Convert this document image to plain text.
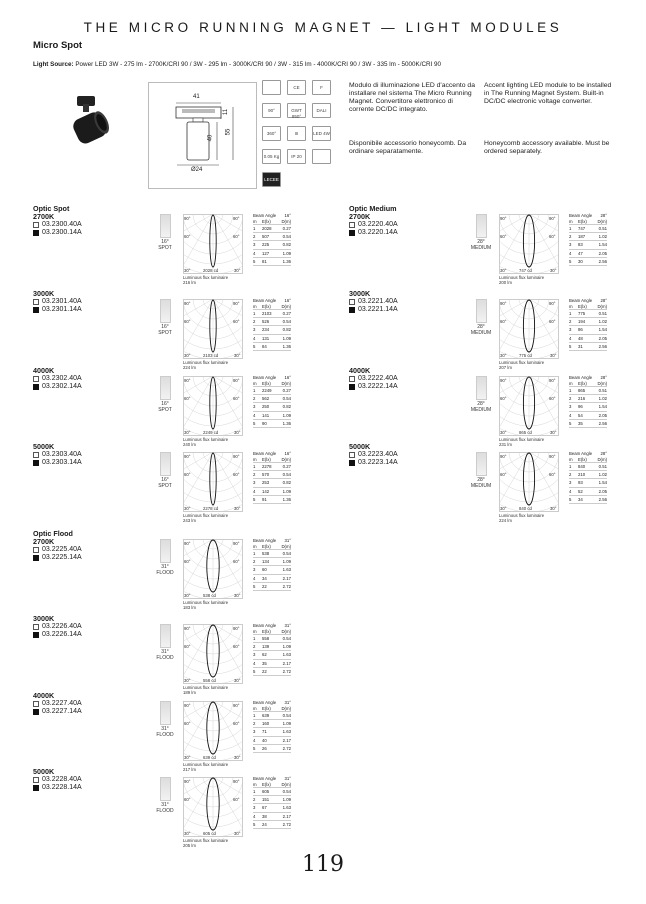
THE MICRO RUNNING MAGNET — LIGHT MODULES
Micro Spot
Light Source: Power LED 3W - 275 lm - 2700K/CRI 90 / 3W - 295 lm - 3000K/CRI 90 / 3W - 315 lm - 4000K/CRI 90 / 3W - 335 lm - 5000K/CRI 90
41
11
40
55
Ø24
CE	F
90°	GWT 850°
DALI
360°	III	LED 4W
0.05 Kg	IP 20
LECEE
Modulo di illuminazione LED d'accento da installare nel sistema The Micro Running Magnet. Convertitore elettronico di corrente DC/DC integrato.
Accent lighting LED module to be installed in The Running Magnet System. Built-in DC/DC electronic voltage converter.
Disponibile accessorio honeycomb. Da ordinare separatamente.
Honeycomb accessory available. Must be ordered separately.
Optic Spot
2700K
03.2300.40A
03.2300.14A
16°
SPOT
90°	90°
60°	60°
30°	30°
2028 cd
Luminous flux luminaire
216 lm
Beam Angle 16°
m	E(lx)	D(m)
1	2028	0.27
2	507	0.54
3	225	0.82
4	127	1.09
5	81	1.36
3000K
03.2301.40A
03.2301.14A
16°
SPOT
90°	90°
60°	60°
30°	30°
2103 cd
Luminous flux luminaire
224 lm
Beam Angle 16°
m	E(lx)	D(m)
1	2103	0.27
2	526	0.54
3	234	0.82
4	131	1.09
5	84	1.36
4000K
03.2302.40A
03.2302.14A
16°
SPOT
90°	90°
60°	60°
30°	30°
2249 cd
Luminous flux luminaire
240 lm
Beam Angle 16°
m	E(lx)	D(m)
1	2249	0.27
2	562	0.54
3	250	0.82
4	141	1.09
5	90	1.36
5000K
03.2303.40A
03.2303.14A
16°
SPOT
90°	90°
60°	60°
30°	30°
2278 cd
Luminous flux luminaire
243 lm
Beam Angle 16°
m	E(lx)	D(m)
1	2278	0.27
2	570	0.54
3	253	0.82
4	142	1.09
5	91	1.36
Optic Medium
2700K
03.2220.40A
03.2220.14A
28°
MEDIUM
90°	90°
60°	60°
30°	30°
747 cd
Luminous flux luminaire
200 lm
Beam Angle 28°
m	E(lx)	D(m)
1	747	0.51
2	187	1.02
3	83	1.54
4	47	2.05
5	30	2.56
3000K
03.2221.40A
03.2221.14A
28°
MEDIUM
90°	90°
60°	60°
30°	30°
775 cd
Luminous flux luminaire
207 lm
Beam Angle 28°
m	E(lx)	D(m)
1	775	0.51
2	194	1.02
3	86	1.54
4	48	2.05
5	31	2.56
4000K
03.2222.40A
03.2222.14A
28°
MEDIUM
90°	90°
60°	60°
30°	30°
865 cd
Luminous flux luminaire
231 lm
Beam Angle 28°
m	E(lx)	D(m)
1	865	0.51
2	216	1.02
3	96	1.54
4	54	2.05
5	35	2.56
5000K
03.2223.40A
03.2223.14A
28°
MEDIUM
90°	90°
60°	60°
30°	30°
840 cd
Luminous flux luminaire
224 lm
Beam Angle 28°
m	E(lx)	D(m)
1	840	0.51
2	210	1.02
3	93	1.54
4	52	2.05
5	34	2.56
Optic Flood
2700K
03.2225.40A
03.2225.14A
31°
FLOOD
90°	90°
60°	60°
30°	30°
538 cd
Luminous flux luminaire
183 lm
Beam Angle 31°
m	E(lx)	D(m)
1	538	0.54
2	134	1.09
3	60	1.63
4	34	2.17
5	22	2.72
3000K
03.2226.40A
03.2226.14A
31°
FLOOD
90°	90°
60°	60°
30°	30°
558 cd
Luminous flux luminaire
189 lm
Beam Angle 31°
m	E(lx)	D(m)
1	558	0.54
2	139	1.09
3	62	1.63
4	35	2.17
5	22	2.72
4000K
03.2227.40A
03.2227.14A
31°
FLOOD
90°	90°
60°	60°
30°	30°
639 cd
Luminous flux luminaire
217 lm
Beam Angle 31°
m	E(lx)	D(m)
1	639	0.54
2	160	1.09
3	71	1.63
4	40	2.17
5	26	2.72
5000K
03.2228.40A
03.2228.14A
31°
FLOOD
90°	90°
60°	60°
30°	30°
605 cd
Luminous flux luminaire
205 lm
Beam Angle 31°
m	E(lx)	D(m)
1	605	0.54
2	151	1.09
3	67	1.63
4	38	2.17
5	24	2.72
119
